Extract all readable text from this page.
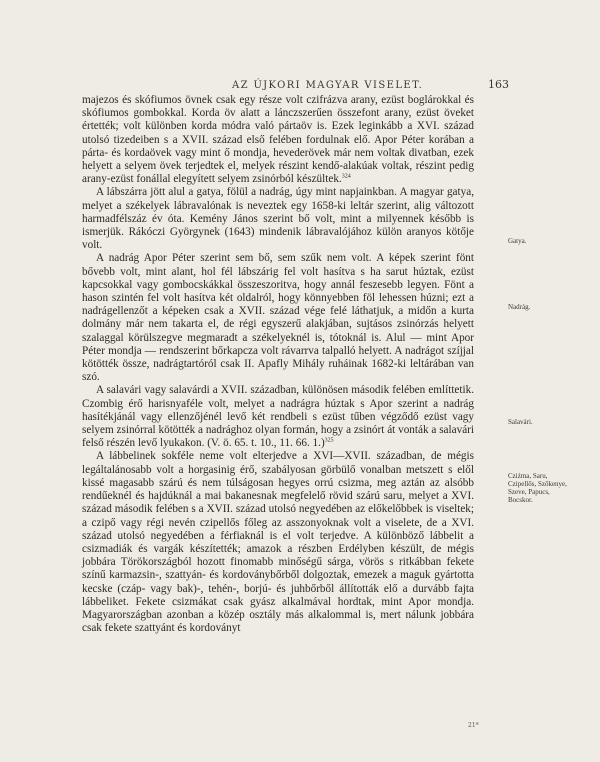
AZ ÚJKORI MAGYAR VISELET.	163

majezos és skófiumos övnek csak egy része volt czifrázva arany, ezüst boglárokkal és skófiumos gombokkal. Korda öv alatt a lánczszerűen összefont arany, ezüst öveket értették; volt különben korda módra való pártaöv is. Ezek leginkább a XVI. század utolsó tizedeiben s a XVII. század első felében fordulnak elő. Apor Péter korában a párta- és kordaövek vagy mint ő mondja, hevederövek már nem voltak divatban, ezek helyett a selyem övek terjedtek el, melyek részint kendő-alakúak voltak, részint pedig arany-ezüst fonállal elegyített selyem zsinórból készültek.$^{324}$

A lábszárra jött alul a gatya, fölül a nadrág, úgy mint napjainkban. A magyar gatya, melyet a székelyek lábravalónak is neveztek egy 1658-ki leltár szerint, alig változott harmadfélszáz év óta. Kemény János szerint bő volt, mint a milyennek később is ismerjük. Rákóczi Györgynek (1643) mindenik lábravalójához külön aranyos kötője volt.

A nadrág Apor Péter szerint sem bő, sem szűk nem volt. A képek szerint fönt bővebb volt, mint alant, hol fél lábszárig fel volt hasítva s ha sarut húztak, ezüst kapcsokkal vagy gombocskákkal összeszoritva, hogy annál feszesebb legyen. Fönt a hason szintén fel volt hasítva két oldalról, hogy könnyebben föl lehessen húzni; ezt a nadrágellenzőt a képeken csak a XVII. század vége felé láthatjuk, a midőn a kurta dolmány már nem takarta el, de régi egyszerű alakjában, sujtásos zsinórzás helyett szalaggal körülszegve megmaradt a székelyeknél is, tótoknál is. Alul — mint Apor Péter mondja — rendszerint bőrkapcza volt rávarrva talpalló helyett. A nadrágot szíjjal kötötték össze, nadrágtartóról csak II. Apafly Mihály ruháinak 1682-ki leltárában van szó.

A salavári vagy salavárdi a XVII. században, különösen második felében említtetik. Czombig érő harisnyaféle volt, melyet a nadrágra húztak s Apor szerint a nadrág hasítékjánál vagy ellenzőjénél levő két rendbeli s ezüst tűben végződő ezüst vagy selyem zsinórral kötötték a nadrághoz olyan formán, hogy a zsinórt át vonták a salavári felső részén levő lyukakon. (V. ö. 65. t. 10., 11. 66. 1.)$^{325}$

A lábbelinek sokféle neme volt elterjedve a XVI—XVII. században, de mégis legáltalánosabb volt a horgasinig érő, szabályosan görbülő vonalban metszett s elől kissé magasabb szárú és nem túlságosan hegyes orrú csizma, meg aztán az alsóbb rendűeknél és hajdúknál a mai bakanesnak megfelelő rövid szárú saru, melyet a XVI. század második felében s a XVII. század utolsó negyedében az előkelőbbek is viseltek; a czipő vagy régi nevén czipellős főleg az asszonyoknak volt a viselete, de a XVI. század utolsó negyedében a férfiaknál is el volt terjedve. A különböző lábbelit a csizmadiák és vargák készítették; amazok a részben Erdélyben készült, de mégis jobbára Törökországból hozott finomabb minőségű sárga, vörös s ritkábban fekete színű karmazsin-, szattyán- és kordoványbőrből dolgoztak, emezek a maguk gyártotta kecske (czáp- vagy bak)-, tehén-, borjú- és juhbőrből állították elő a durvább fajta lábbeliket. Fekete csizmákat csak gyász alkalmával hordtak, mint Apor mondja. Magyarországban azonban a közép osztály más alkalommal is, mert nálunk jobbára csak fekete szattyánt és kordoványt

21*
Gatya.
Nadrág.
Salavári.
Cziżma, Saru, Czipellős, Szőkenye, Szeve, Papucs, Bocskor.
